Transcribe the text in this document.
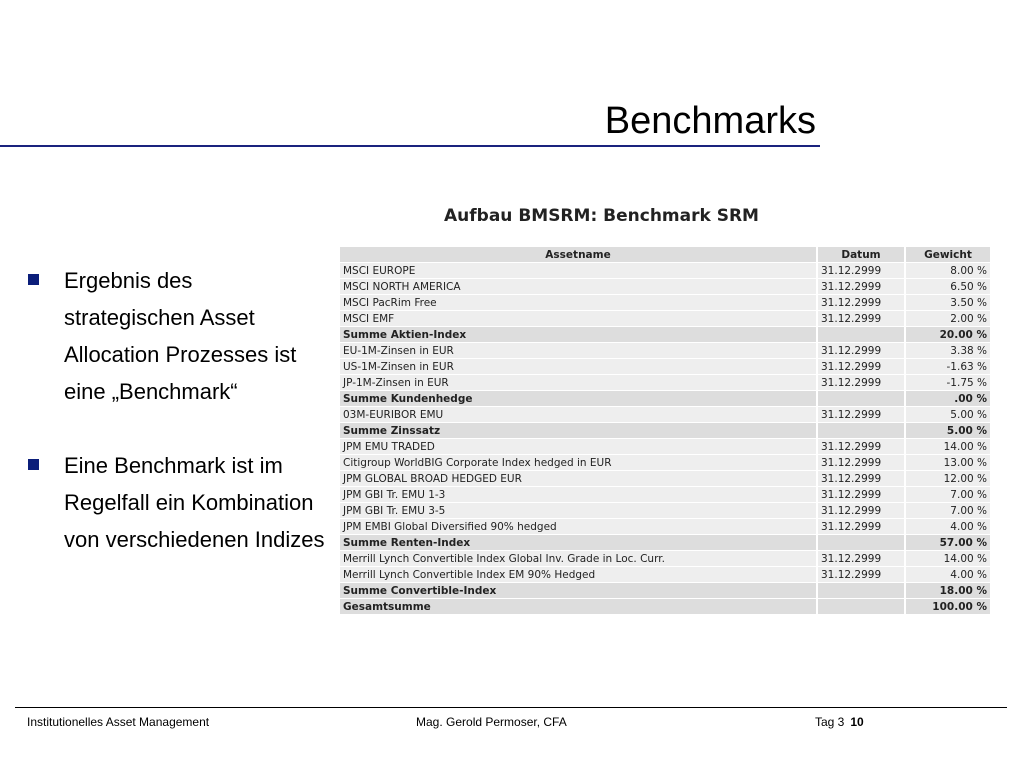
Benchmarks
Ergebnis des strategischen Asset Allocation Prozesses ist eine „Benchmark“
Eine Benchmark ist im Regelfall ein Kombination von verschiedenen Indizes
Aufbau BMSRM: Benchmark SRM
Assetname	Datum	Gewicht
MSCI EUROPE	31.12.2999	8.00 %
MSCI NORTH AMERICA	31.12.2999	6.50 %
MSCI PacRim Free	31.12.2999	3.50 %
MSCI EMF	31.12.2999	2.00 %
Summe Aktien-Index		20.00 %
EU-1M-Zinsen in EUR	31.12.2999	3.38 %
US-1M-Zinsen in EUR	31.12.2999	-1.63 %
JP-1M-Zinsen in EUR	31.12.2999	-1.75 %
Summe Kundenhedge		.00 %
03M-EURIBOR EMU	31.12.2999	5.00 %
Summe Zinssatz		5.00 %
JPM EMU TRADED	31.12.2999	14.00 %
Citigroup WorldBIG Corporate Index hedged in EUR	31.12.2999	13.00 %
JPM GLOBAL BROAD HEDGED EUR	31.12.2999	12.00 %
JPM GBI Tr. EMU 1-3	31.12.2999	7.00 %
JPM GBI Tr. EMU 3-5	31.12.2999	7.00 %
JPM EMBI Global Diversified 90% hedged	31.12.2999	4.00 %
Summe Renten-Index		57.00 %
Merrill Lynch Convertible Index Global Inv. Grade in Loc. Curr.	31.12.2999	14.00 %
Merrill Lynch Convertible Index EM 90% Hedged	31.12.2999	4.00 %
Summe Convertible-Index		18.00 %
Gesamtsumme		100.00 %
Institutionelles Asset Management	Mag. Gerold Permoser, CFA	Tag 3 10
